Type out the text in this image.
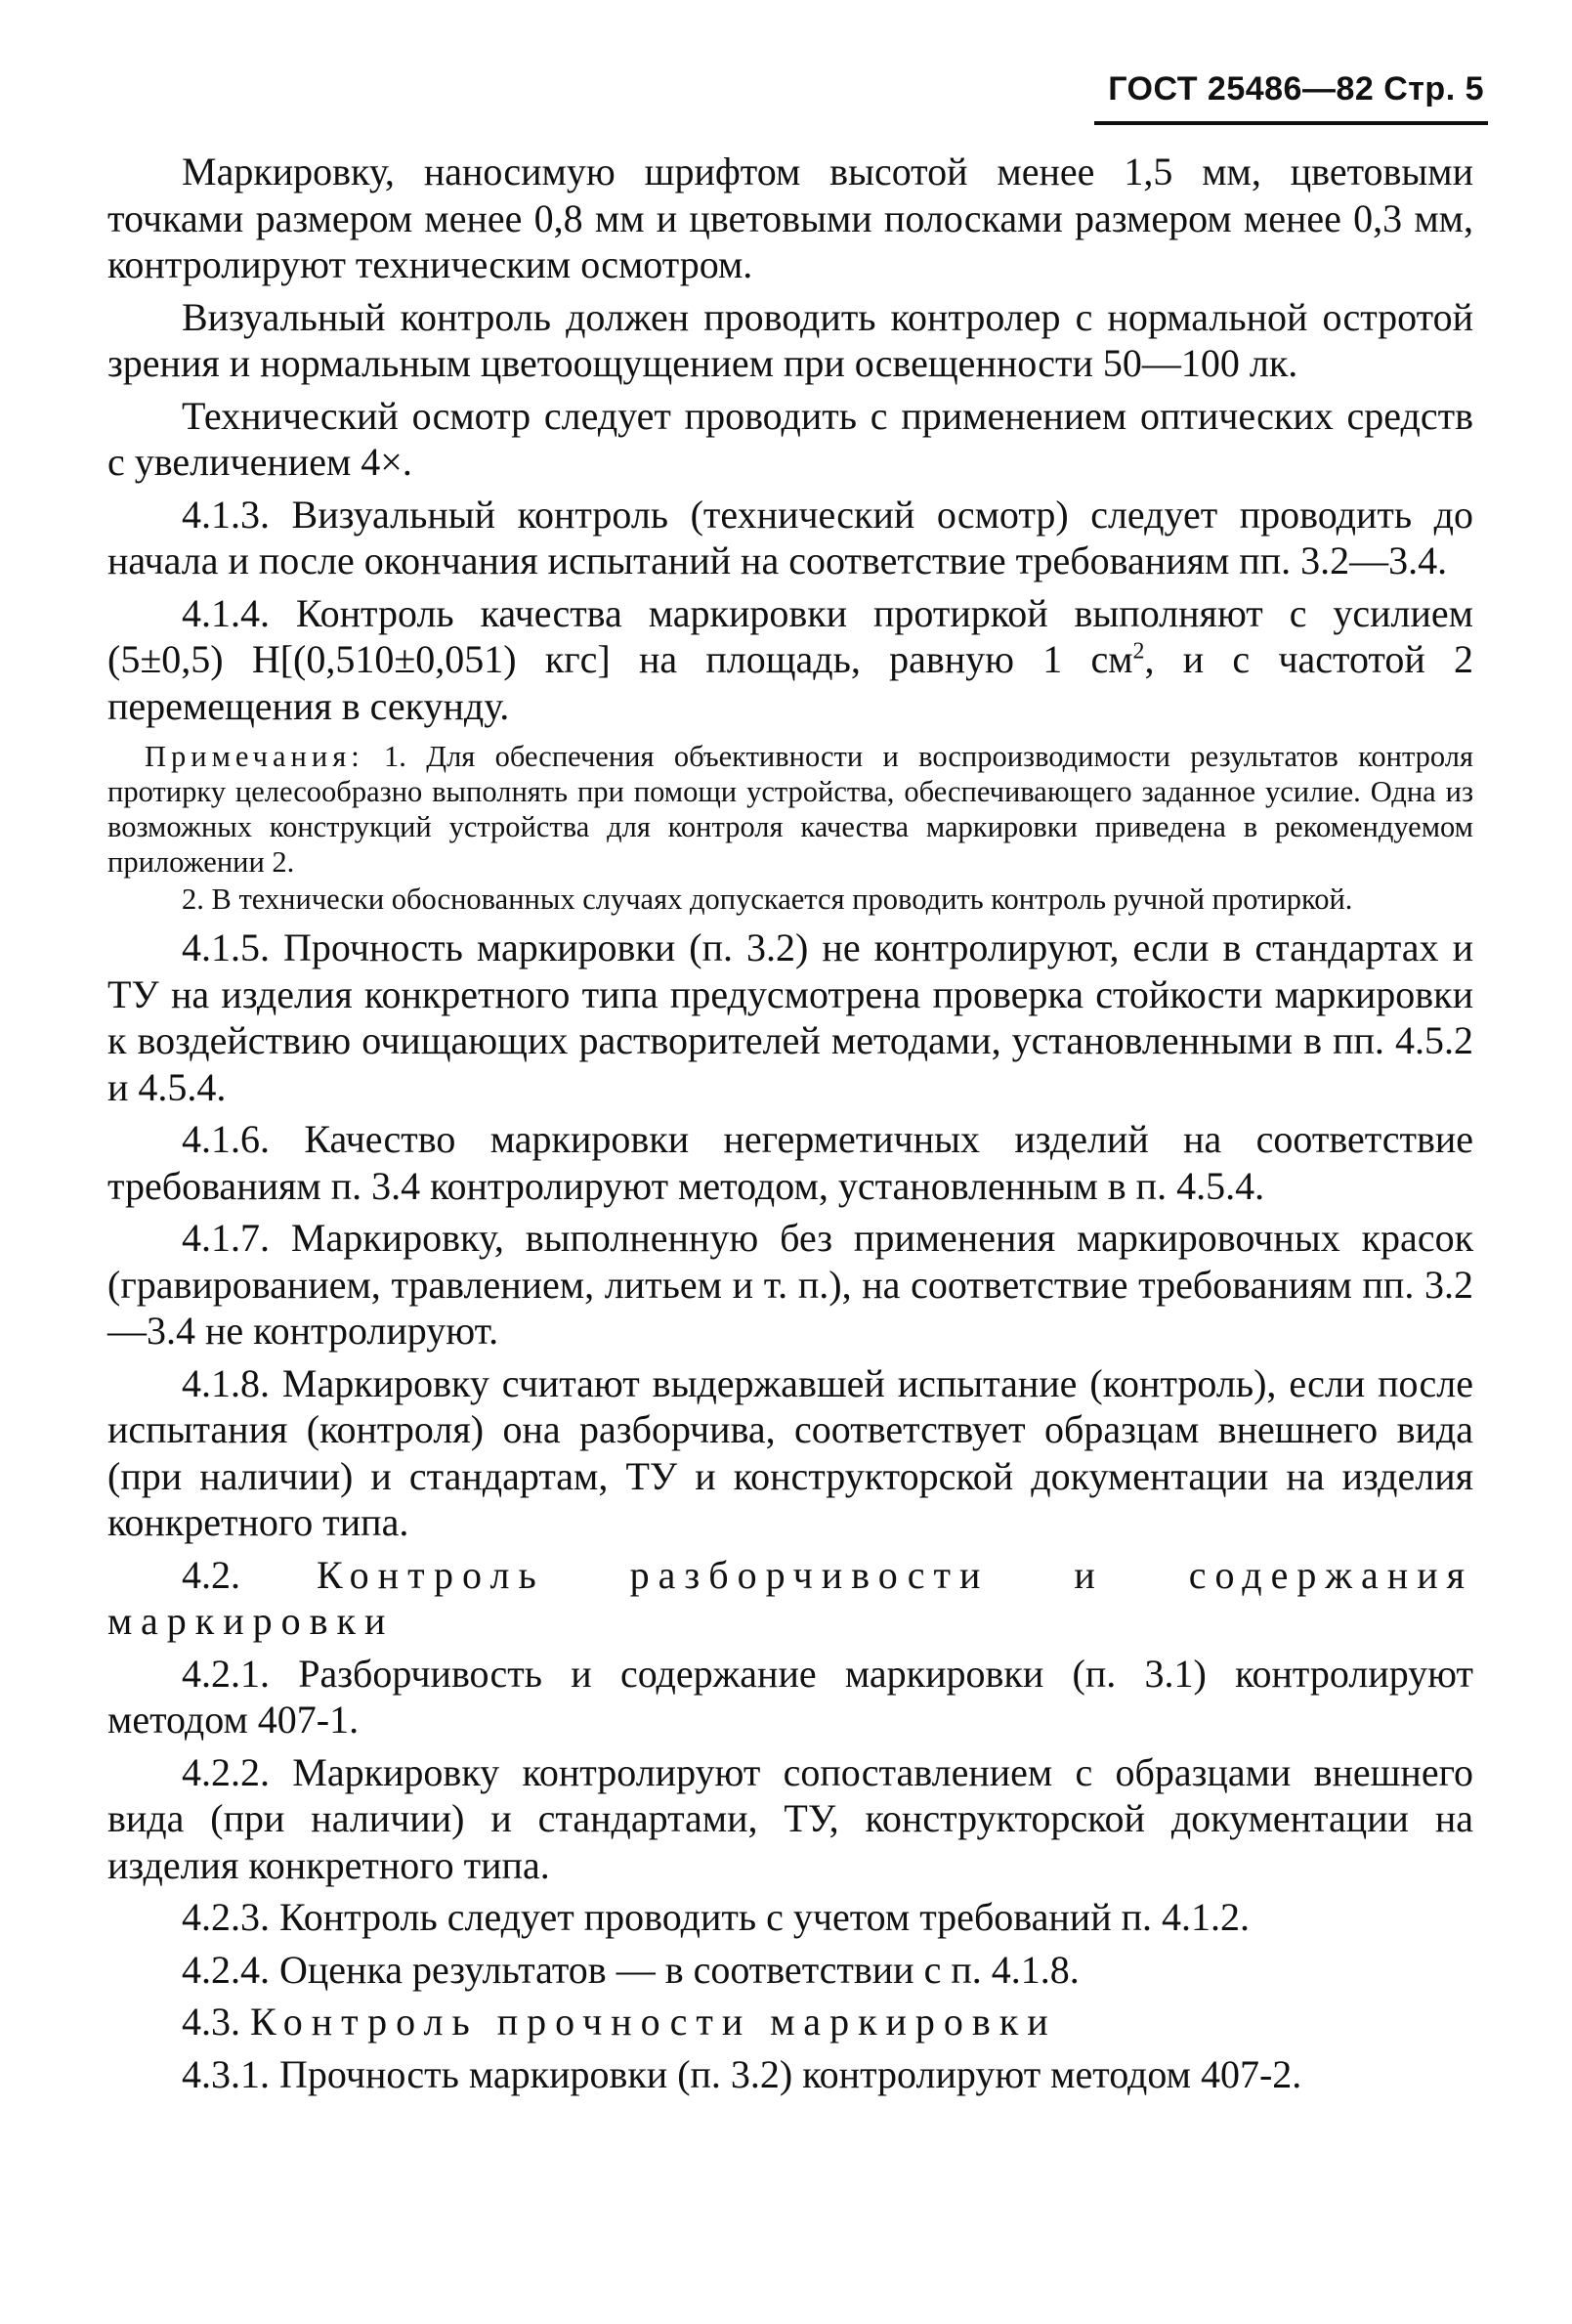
ГОСТ 25486—82 Стр. 5

Маркировку, наносимую шрифтом высотой менее 1,5 мм, цветовыми точками размером менее 0,8 мм и цветовыми полосками размером менее 0,3 мм, контролируют техническим осмотром.

Визуальный контроль должен проводить контролер с нормальной остротой зрения и нормальным цветоощущением при освещенности 50—100 лк.

Технический осмотр следует проводить с применением оптических средств с увеличением 4×.

4.1.3. Визуальный контроль (технический осмотр) следует проводить до начала и после окончания испытаний на соответствие требованиям пп. 3.2—3.4.

4.1.4. Контроль качества маркировки протиркой выполняют с усилием (5±0,5) Н[(0,510±0,051) кгс] на площадь, равную 1 $см^2$, и с частотой 2 перемещения в секунду.

Примечания: 1. Для обеспечения объективности и воспроизводимости результатов контроля протирку целесообразно выполнять при помощи устройства, обеспечивающего заданное усилие. Одна из возможных конструкций устройства для контроля качества маркировки приведена в рекомендуемом приложении 2.

2. В технически обоснованных случаях допускается проводить контроль ручной протиркой.

4.1.5. Прочность маркировки (п. 3.2) не контролируют, если в стандартах и ТУ на изделия конкретного типа предусмотрена проверка стойкости маркировки к воздействию очищающих растворителей методами, установленными в пп. 4.5.2 и 4.5.4.

4.1.6. Качество маркировки негерметичных изделий на соответствие требованиям п. 3.4 контролируют методом, установленным в п. 4.5.4.

4.1.7. Маркировку, выполненную без применения маркировочных красок (гравированием, травлением, литьем и т. п.), на соответствие требованиям пп. 3.2—3.4 не контролируют.

4.1.8. Маркировку считают выдержавшей испытание (контроль), если после испытания (контроля) она разборчива, соответствует образцам внешнего вида (при наличии) и стандартам, ТУ и конструкторской документации на изделия конкретного типа.

4.2. Контроль разборчивости и содержания маркировки

4.2.1. Разборчивость и содержание маркировки (п. 3.1) контролируют методом 407-1.

4.2.2. Маркировку контролируют сопоставлением с образцами внешнего вида (при наличии) и стандартами, ТУ, конструкторской документации на изделия конкретного типа.

4.2.3. Контроль следует проводить с учетом требований п. 4.1.2.

4.2.4. Оценка результатов — в соответствии с п. 4.1.8.

4.3. Контроль прочности маркировки

4.3.1. Прочность маркировки (п. 3.2) контролируют методом 407-2.
